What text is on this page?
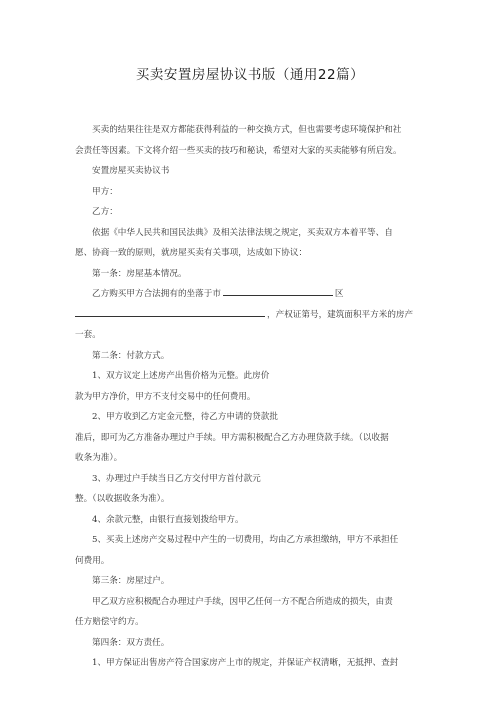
买卖安置房屋协议书版（通用22篇）

买卖的结果往往是双方都能获得利益的一种交换方式，但也需要考虑环境保护和社

会责任等因素。下文将介绍一些买卖的技巧和秘诀，希望对大家的买卖能够有所启发。

安置房屋买卖协议书

甲方：

乙方：

依据《中华人民共和国民法典》及相关法律法规之规定，买卖双方本着平等、自

愿、协商一致的原则，就房屋买卖有关事项，达成如下协议：

第一条：房屋基本情况。

乙方购买甲方合法拥有的坐落于市	区

，产权证第号，建筑面积平方米的房产

一套。

第二条：付款方式。

1、双方议定上述房产出售价格为元整。此房价

款为甲方净价，甲方不支付交易中的任何费用。

2、甲方收到乙方定金元整，待乙方申请的贷款批

准后，即可为乙方准备办理过户手续。甲方需积极配合乙方办理贷款手续。（以收据

收条为准）。

3、办理过户手续当日乙方交付甲方首付款元

整。（以收据收条为准）。

4、余款元整，由银行直接划拨给甲方。

5、买卖上述房产交易过程中产生的一切费用，均由乙方承担缴纳，甲方不承担任

何费用。

第三条：房屋过户。

甲乙双方应积极配合办理过户手续，因甲乙任何一方不配合所造成的损失，由责

任方赔偿守约方。

第四条：双方责任。

1、甲方保证出售房产符合国家房产上市的规定，并保证产权清晰，无抵押、查封
